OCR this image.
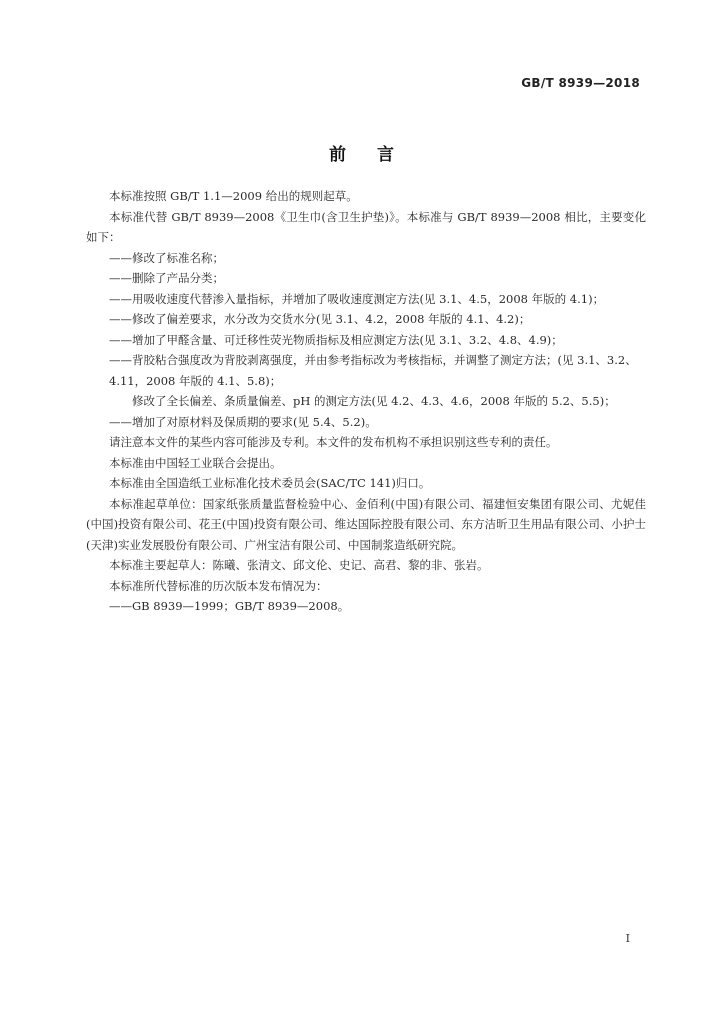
GB/T 8939—2018
前 言

本标准按照 GB/T 1.1—2009 给出的规则起草。

本标准代替 GB/T 8939—2008《卫生巾(含卫生护垫)》。本标准与 GB/T 8939—2008 相比，主要变化如下：

——修改了标准名称；

——删除了产品分类；

——用吸收速度代替渗入量指标，并增加了吸收速度测定方法(见 3.1、4.5，2008 年版的 4.1)；

——修改了偏差要求，水分改为交货水分(见 3.1、4.2，2008 年版的 4.1、4.2)；

——增加了甲醛含量、可迁移性荧光物质指标及相应测定方法(见 3.1、3.2、4.8、4.9)；

——背胶粘合强度改为背胶剥离强度，并由参考指标改为考核指标，并调整了测定方法；(见 3.1、3.2、4.11，2008 年版的 4.1、5.8)；

修改了全长偏差、条质量偏差、pH 的测定方法(见 4.2、4.3、4.6，2008 年版的 5.2、5.5)；

——增加了对原材料及保质期的要求(见 5.4、5.2)。

请注意本文件的某些内容可能涉及专利。本文件的发布机构不承担识别这些专利的责任。

本标准由中国轻工业联合会提出。

本标准由全国造纸工业标准化技术委员会(SAC/TC 141)归口。

本标准起草单位：国家纸张质量监督检验中心、金佰利(中国)有限公司、福建恒安集团有限公司、尤妮佳(中国)投资有限公司、花王(中国)投资有限公司、维达国际控股有限公司、东方洁昕卫生用品有限公司、小护士(天津)实业发展股份有限公司、广州宝洁有限公司、中国制浆造纸研究院。

本标准主要起草人：陈曦、张清文、邱文伦、史记、高君、黎的非、张岩。

本标准所代替标准的历次版本发布情况为：

——GB 8939—1999；GB/T 8939—2008。

I
